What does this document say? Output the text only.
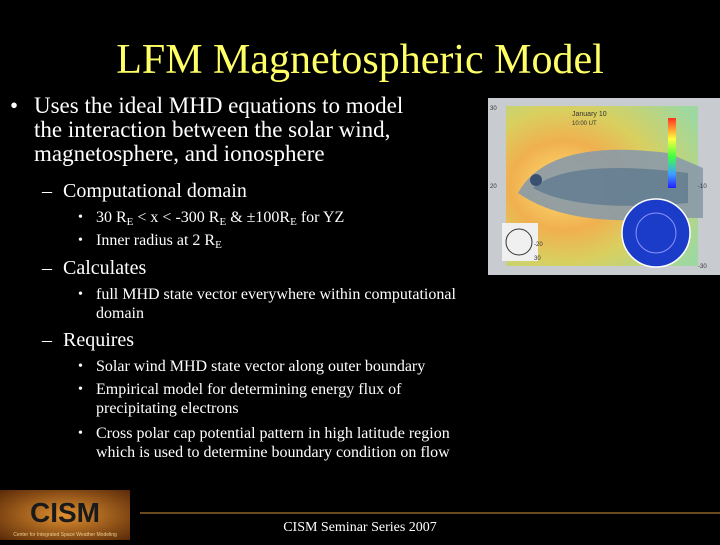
LFM Magnetospheric Model
• Uses the ideal MHD equations to model
the interaction between the solar wind,
magnetosphere, and ionosphere
– Computational domain
• 30 $R_E < x < -300$ $R_E$ & $\pm 100R_E$ for YZ
• Inner radius at 2 $R_E$
– Calculates
• full MHD state vector everywhere within computational
domain
– Requires
• Solar wind MHD state vector along outer boundary
• Empirical model for determining energy flux of
precipitating electrons
• Cross polar cap potential pattern in high latitude region
which is used to determine boundary condition on flow
January 10
10:00 UT
30
-20
20
30
-10
-30
CISM
Center for Integrated Space Weather Modeling	CISM Seminar Series 2007
